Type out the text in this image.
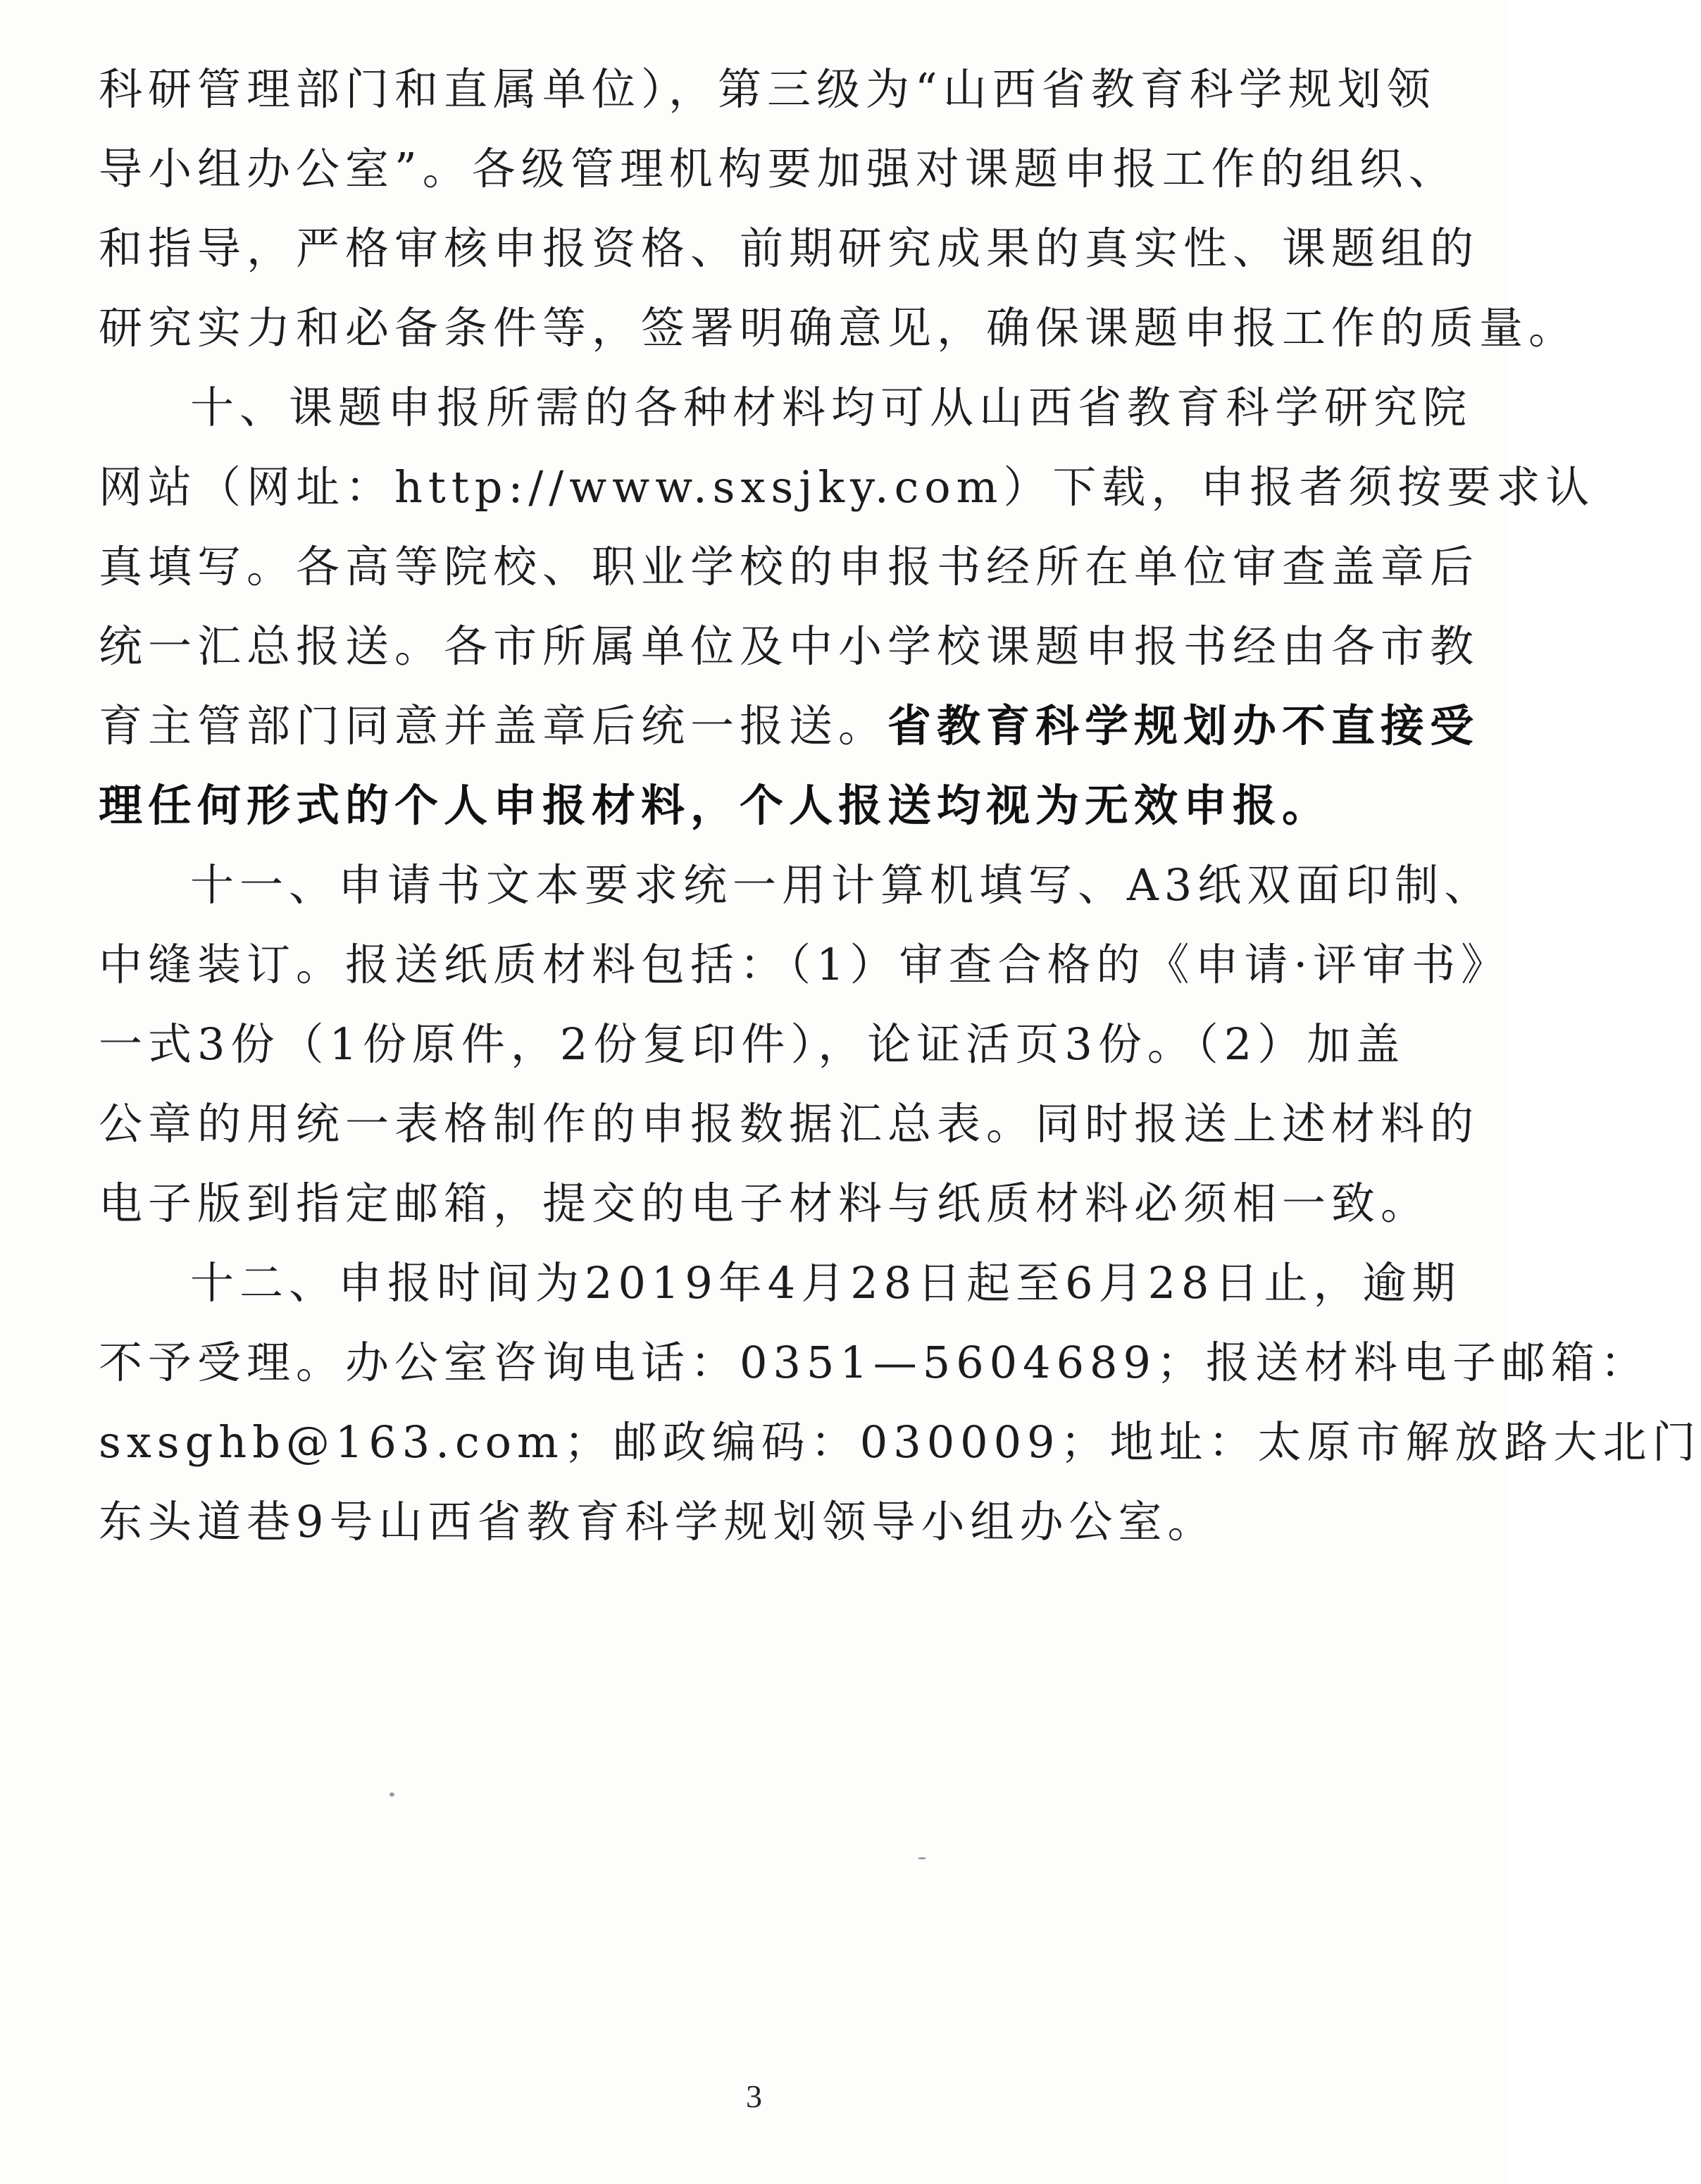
科研管理部门和直属单位），第三级为“山西省教育科学规划领
导小组办公室”。各级管理机构要加强对课题申报工作的组织、
和指导，严格审核申报资格、前期研究成果的真实性、课题组的
研究实力和必备条件等，签署明确意见，确保课题申报工作的质量。
十、课题申报所需的各种材料均可从山西省教育科学研究院
网站（网址：http://www.sxsjky.com）下载，申报者须按要求认
真填写。各高等院校、职业学校的申报书经所在单位审查盖章后
统一汇总报送。各市所属单位及中小学校课题申报书经由各市教
育主管部门同意并盖章后统一报送。省教育科学规划办不直接受
理任何形式的个人申报材料，个人报送均视为无效申报。
十一、申请书文本要求统一用计算机填写、A3纸双面印制、
中缝装订。报送纸质材料包括：（1）审查合格的《申请·评审书》
一式3份（1份原件，2份复印件），论证活页3份。（2）加盖
公章的用统一表格制作的申报数据汇总表。同时报送上述材料的
电子版到指定邮箱，提交的电子材料与纸质材料必须相一致。
十二、申报时间为2019年4月28日起至6月28日止，逾期
不予受理。办公室咨询电话：0351—5604689；报送材料电子邮箱：
sxsghb@163.com；邮政编码：030009；地址：太原市解放路大北门
东头道巷9号山西省教育科学规划领导小组办公室。
3
